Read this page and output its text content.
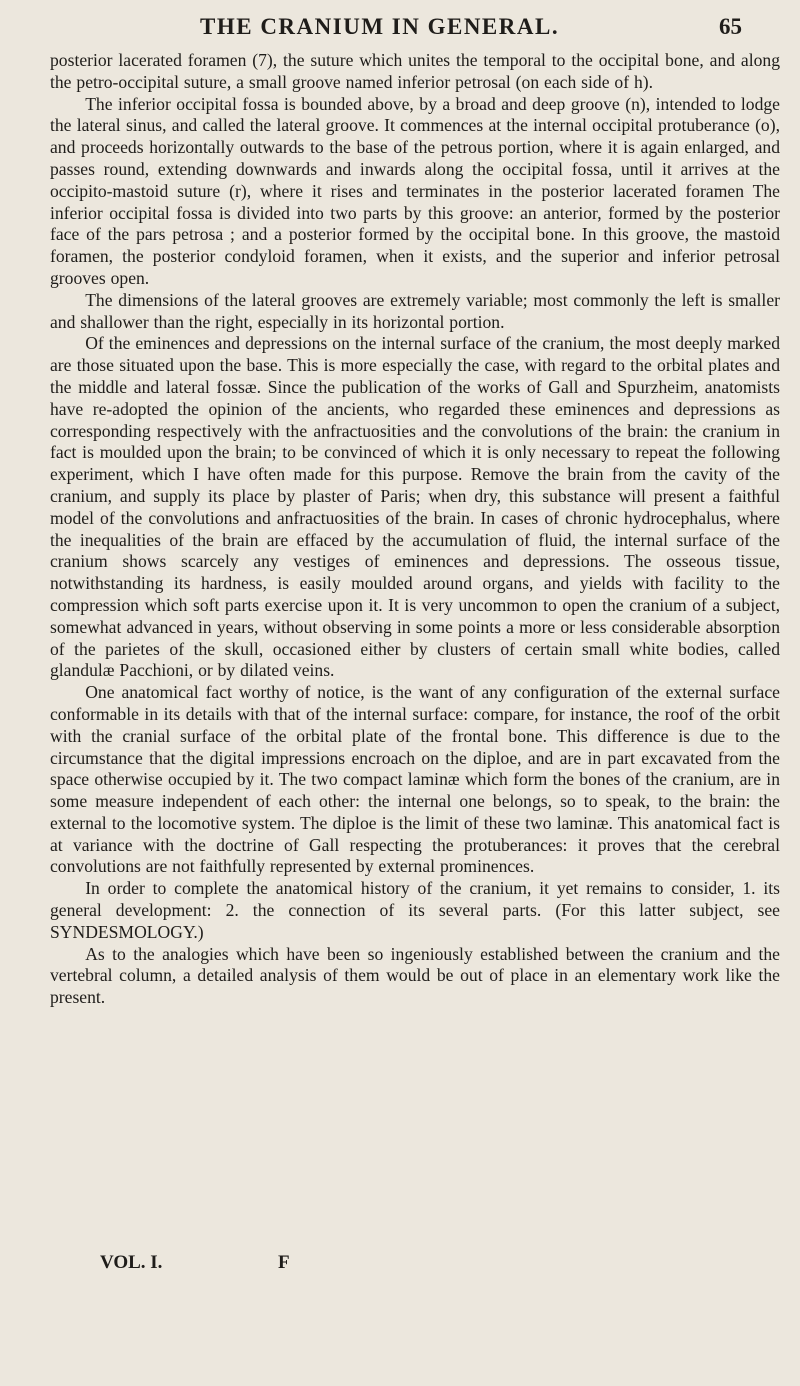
THE CRANIUM IN GENERAL.	65

posterior lacerated foramen (7), the suture which unites the temporal to the occipital bone, and along the petro-occipital suture, a small groove named inferior petrosal (on each side of h).

The inferior occipital fossa is bounded above, by a broad and deep groove (n), intended to lodge the lateral sinus, and called the lateral groove. It commences at the internal occipital protuberance (o), and proceeds horizontally outwards to the base of the petrous portion, where it is again enlarged, and passes round, extending downwards and inwards along the occipital fossa, until it arrives at the occipito-mastoid suture (r), where it rises and terminates in the posterior lacerated foramen The inferior occipital fossa is divided into two parts by this groove: an anterior, formed by the posterior face of the pars petrosa ; and a posterior formed by the occipital bone. In this groove, the mastoid foramen, the posterior condyloid foramen, when it exists, and the superior and inferior petrosal grooves open.

The dimensions of the lateral grooves are extremely variable; most commonly the left is smaller and shallower than the right, especially in its horizontal portion.

Of the eminences and depressions on the internal surface of the cranium, the most deeply marked are those situated upon the base. This is more especially the case, with regard to the orbital plates and the middle and lateral fossæ. Since the publication of the works of Gall and Spurzheim, anatomists have re-adopted the opinion of the ancients, who regarded these eminences and depressions as corresponding respectively with the anfractuosities and the convolutions of the brain: the cranium in fact is moulded upon the brain; to be convinced of which it is only necessary to repeat the following experiment, which I have often made for this purpose. Remove the brain from the cavity of the cranium, and supply its place by plaster of Paris; when dry, this substance will present a faithful model of the convolutions and anfractuosities of the brain. In cases of chronic hydrocephalus, where the inequalities of the brain are effaced by the accumulation of fluid, the internal surface of the cranium shows scarcely any vestiges of eminences and depressions. The osseous tissue, notwithstanding its hardness, is easily moulded around organs, and yields with facility to the compression which soft parts exercise upon it. It is very uncommon to open the cranium of a subject, somewhat advanced in years, without observing in some points a more or less considerable absorption of the parietes of the skull, occasioned either by clusters of certain small white bodies, called glandulæ Pacchioni, or by dilated veins.

One anatomical fact worthy of notice, is the want of any configuration of the external surface conformable in its details with that of the internal surface: compare, for instance, the roof of the orbit with the cranial surface of the orbital plate of the frontal bone. This difference is due to the circumstance that the digital impressions encroach on the diploe, and are in part excavated from the space otherwise occupied by it. The two compact laminæ which form the bones of the cranium, are in some measure independent of each other: the internal one belongs, so to speak, to the brain: the external to the locomotive system. The diploe is the limit of these two laminæ. This anatomical fact is at variance with the doctrine of Gall respecting the protuberances: it proves that the cerebral convolutions are not faithfully represented by external prominences.

In order to complete the anatomical history of the cranium, it yet remains to consider, 1. its general development: 2. the connection of its several parts. (For this latter subject, see SYNDESMOLOGY.)

As to the analogies which have been so ingeniously established between the cranium and the vertebral column, a detailed analysis of them would be out of place in an elementary work like the present.

VOL. I.	F
